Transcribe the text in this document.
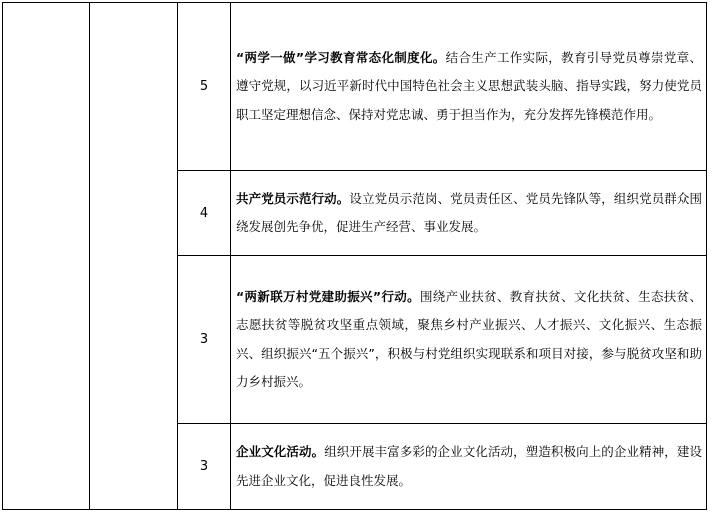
		5	“两学一做”学习教育常态化制度化。结合生产工作实际，教育引导党员尊崇党章、遵守党规，以习近平新时代中国特色社会主义思想武装头脑、指导实践，努力使党员职工坚定理想信念、保持对党忠诚、勇于担当作为，充分发挥先锋模范作用。
		4	共产党员示范行动。设立党员示范岗、党员责任区、党员先锋队等，组织党员群众围绕发展创先争优，促进生产经营、事业发展。
		3	“两新联万村党建助振兴”行动。围绕产业扶贫、教育扶贫、文化扶贫、生态扶贫、志愿扶贫等脱贫攻坚重点领域，聚焦乡村产业振兴、人才振兴、文化振兴、生态振兴、组织振兴“五个振兴”，积极与村党组织实现联系和项目对接，参与脱贫攻坚和助力乡村振兴。
		3	企业文化活动。组织开展丰富多彩的企业文化活动，塑造积极向上的企业精神，建设先进企业文化，促进良性发展。
